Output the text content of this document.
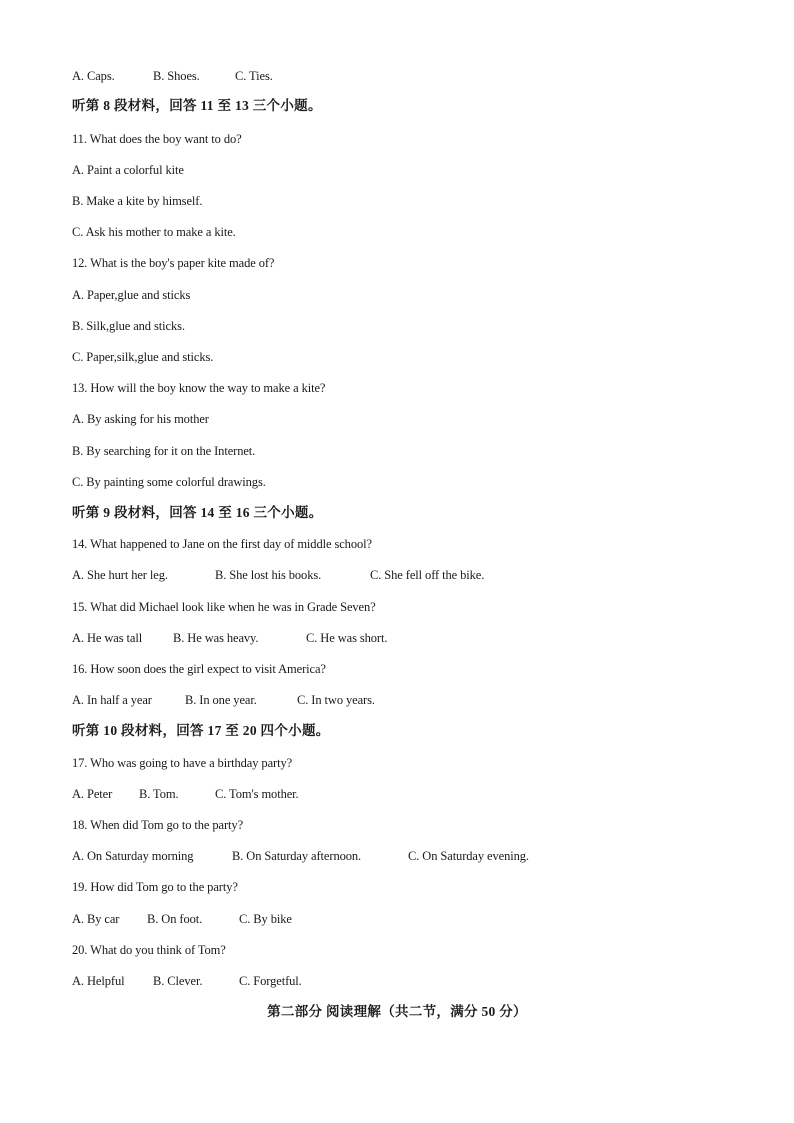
A. Caps.	B. Shoes.	C. Ties.
听第 8 段材料，回答 11 至 13 三个小题。
11. What does the boy want to do?
A. Paint a colorful kite
B. Make a kite by himself.
C. Ask his mother to make a kite.
12. What is the boy's paper kite made of?
A. Paper,glue and sticks
B. Silk,glue and sticks.
C. Paper,silk,glue and sticks.
13. How will the boy know the way to make a kite?
A. By asking for his mother
B. By searching for it on the Internet.
C. By painting some colorful drawings.
听第 9 段材料，回答 14 至 16 三个小题。
14. What happened to Jane on the first day of middle school?
A. She hurt her leg.	B. She lost his books.	C. She fell off the bike.
15. What did Michael look like when he was in Grade Seven?
A. He was tall B. He was heavy.	C. He was short.
16. How soon does the girl expect to visit America?
A. In half a year	B. In one year.	C. In two years.
听第 10 段材料，回答 17 至 20 四个小题。
17. Who was going to have a birthday party?
A. Peter B. Tom.	C. Tom's mother.
18. When did Tom go to the party?
A. On Saturday morning	B. On Saturday afternoon.	C. On Saturday evening.
19. How did Tom go to the party?
A. By car B. On foot.	C. By bike
20. What do you think of Tom?
A. Helpful B. Clever.	C. Forgetful.
第二部分 阅读理解（共二节，满分 50 分）
